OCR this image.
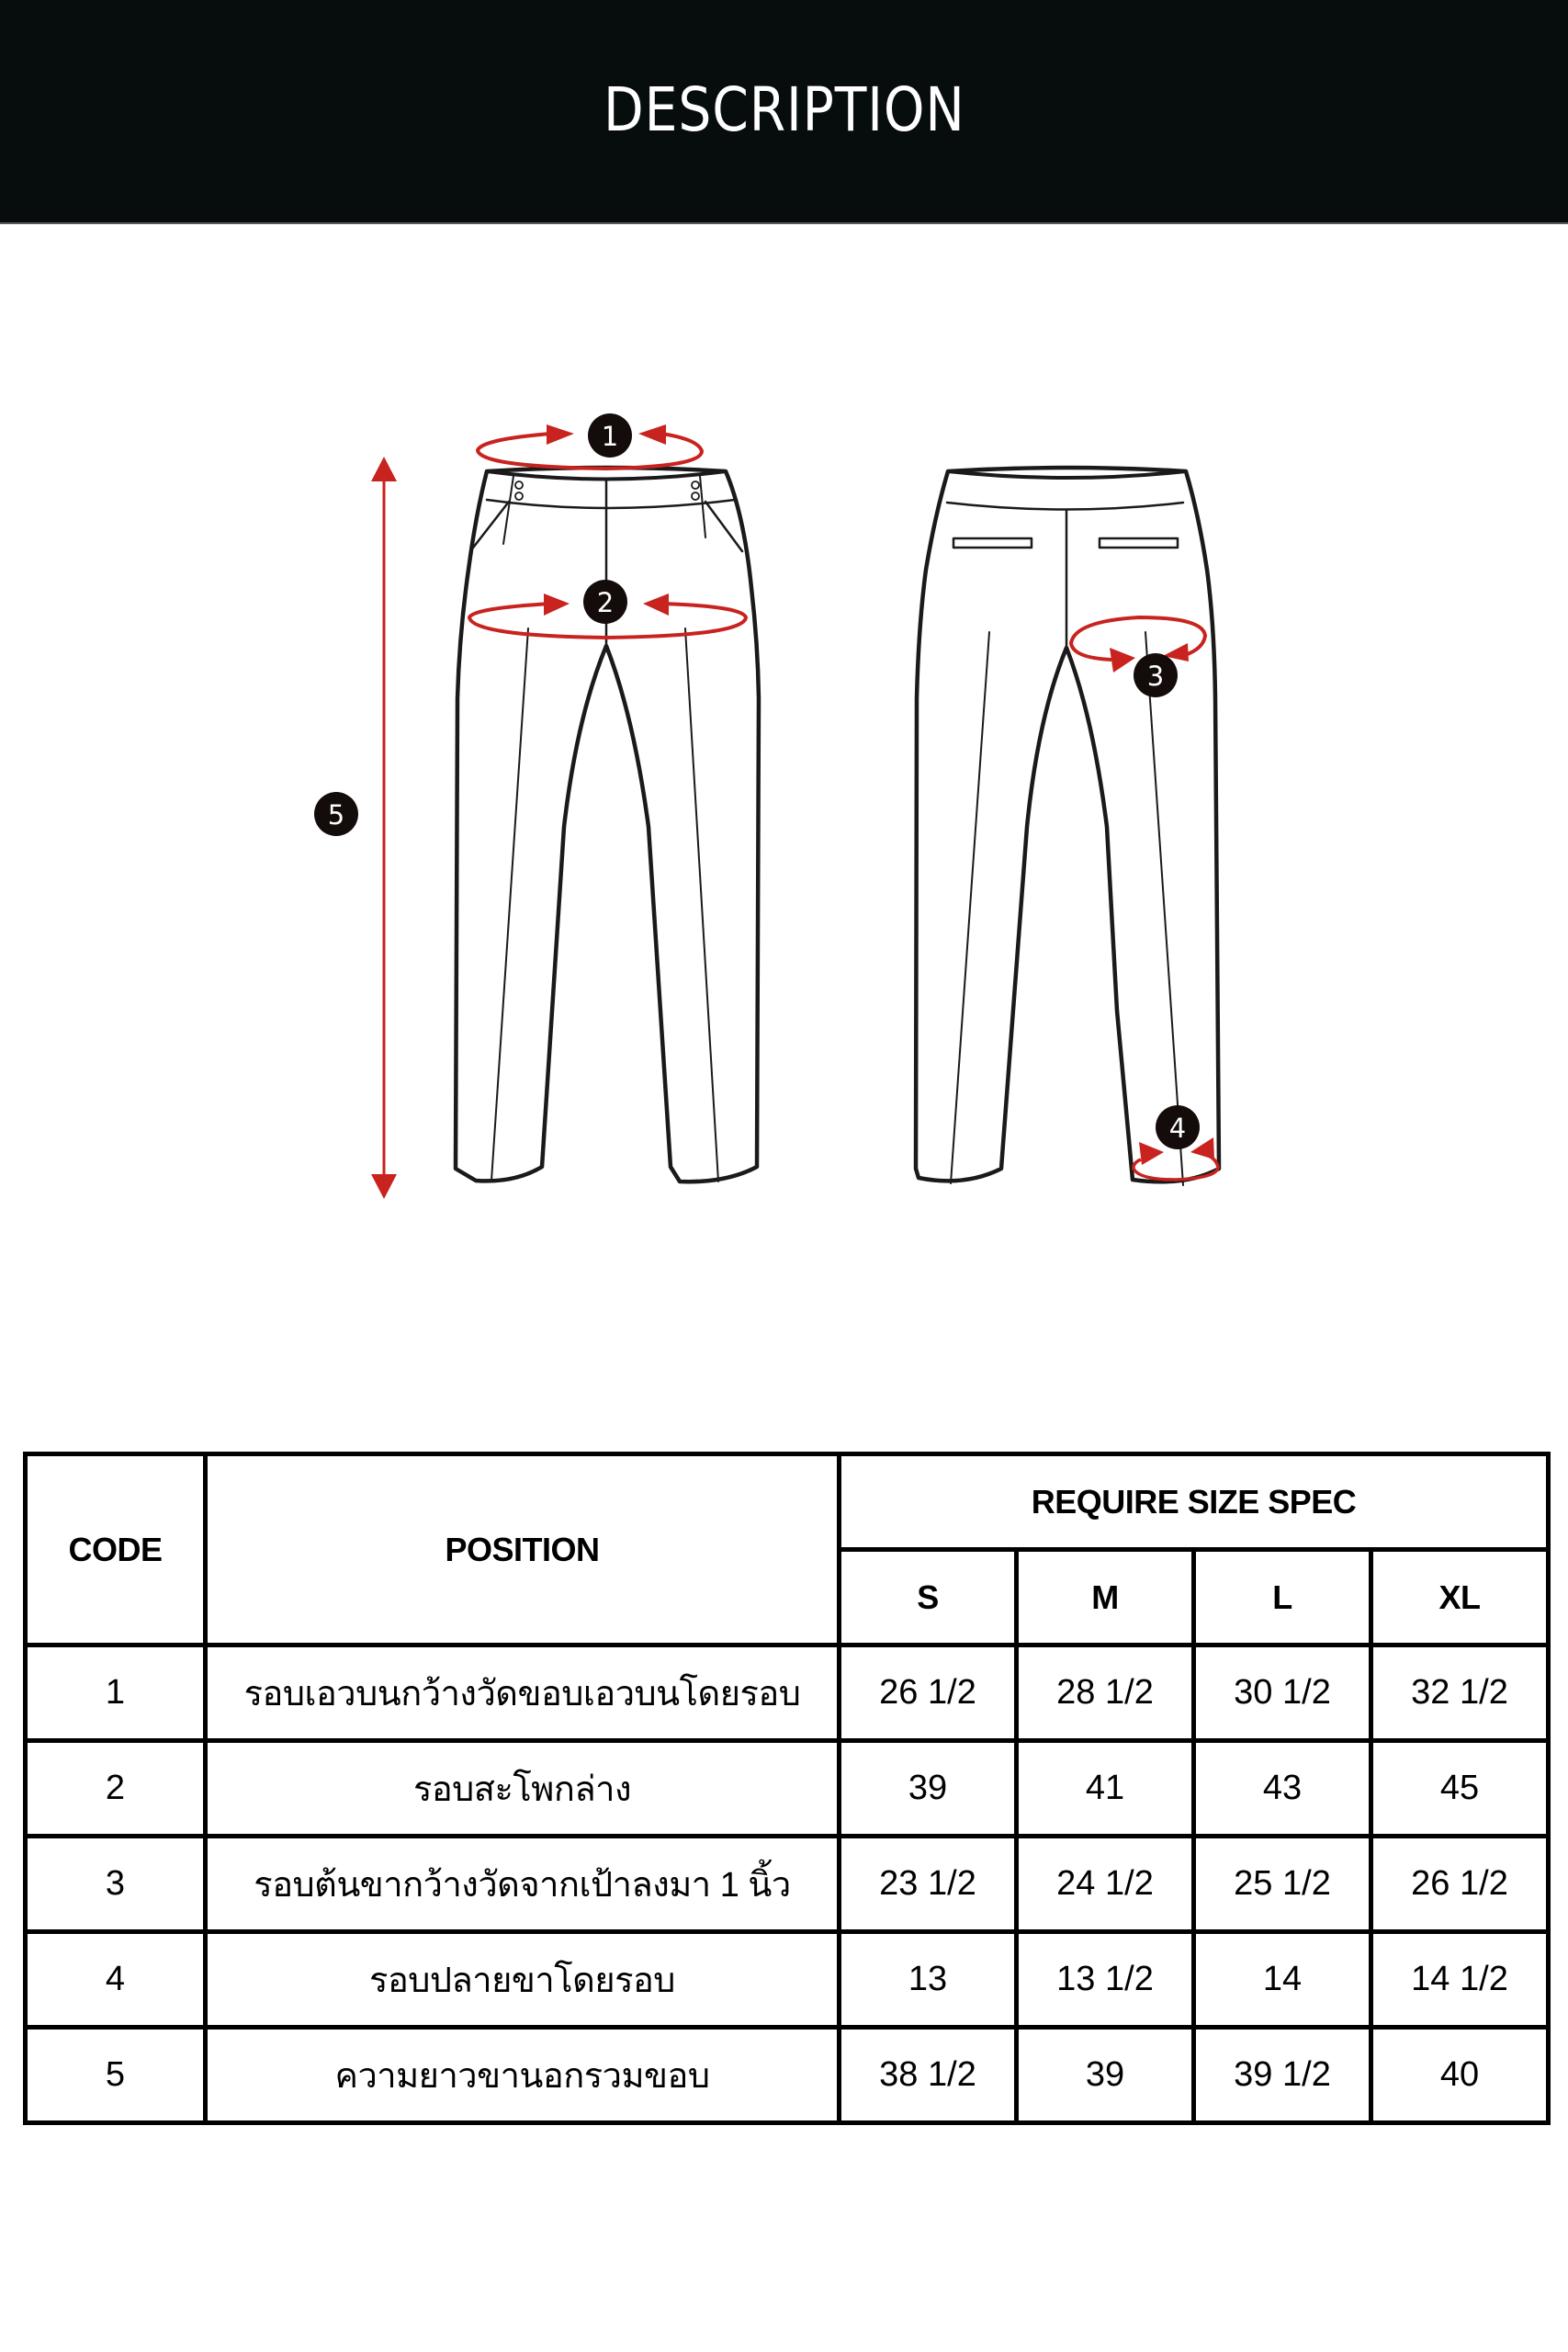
DESCRIPTION
1
2
5
3
4
CODE	POSITION	REQUIRE SIZE SPEC			
		S	M	L	XL
1	รอบเอวบนกว้างวัดขอบเอวบนโดยรอบ	26 1/2	28 1/2	30 1/2	32 1/2
2	รอบสะโพกล่าง	39	41	43	45
3	รอบต้นขากว้างวัดจากเป้าลงมา 1 นิ้ว	23 1/2	24 1/2	25 1/2	26 1/2
4	รอบปลายขาโดยรอบ	13	13 1/2	14	14 1/2
5	ความยาวขานอกรวมขอบ	38 1/2	39	39 1/2	40
